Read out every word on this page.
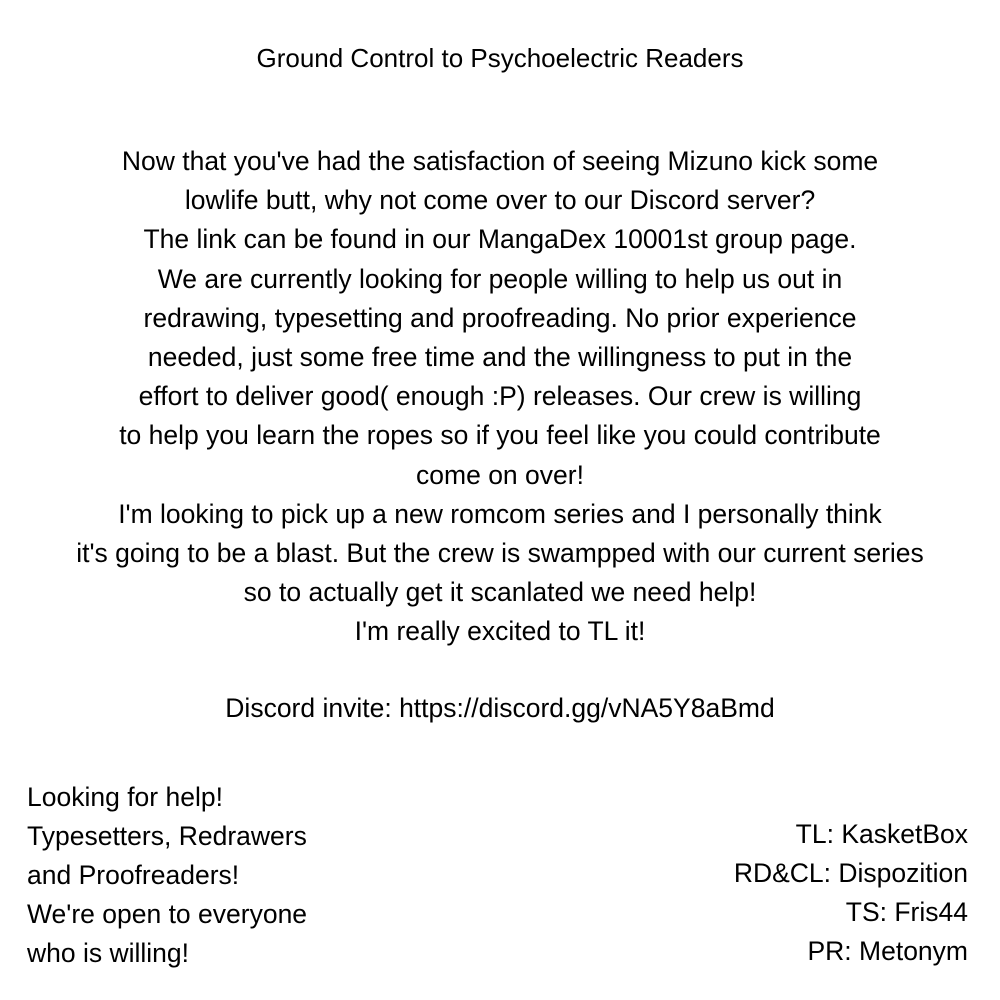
Ground Control to Psychoelectric Readers
Now that you've had the satisfaction of seeing Mizuno kick some
lowlife butt, why not come over to our Discord server?
The link can be found in our MangaDex 10001st group page.
We are currently looking for people willing to help us out in
redrawing, typesetting and proofreading. No prior experience
needed, just some free time and the willingness to put in the
effort to deliver good( enough :P) releases. Our crew is willing
to help you learn the ropes so if you feel like you could contribute
come on over!
I'm looking to pick up a new romcom series and I personally think
it's going to be a blast. But the crew is swampped with our current series
so to actually get it scanlated we need help!
I'm really excited to TL it!
Discord invite: https://discord.gg/vNA5Y8aBmd
Looking for help!
Typesetters, Redrawers
and Proofreaders!
We're open to everyone
who is willing!
TL: KasketBox
RD&CL: Dispozition
TS: Fris44
PR: Metonym
